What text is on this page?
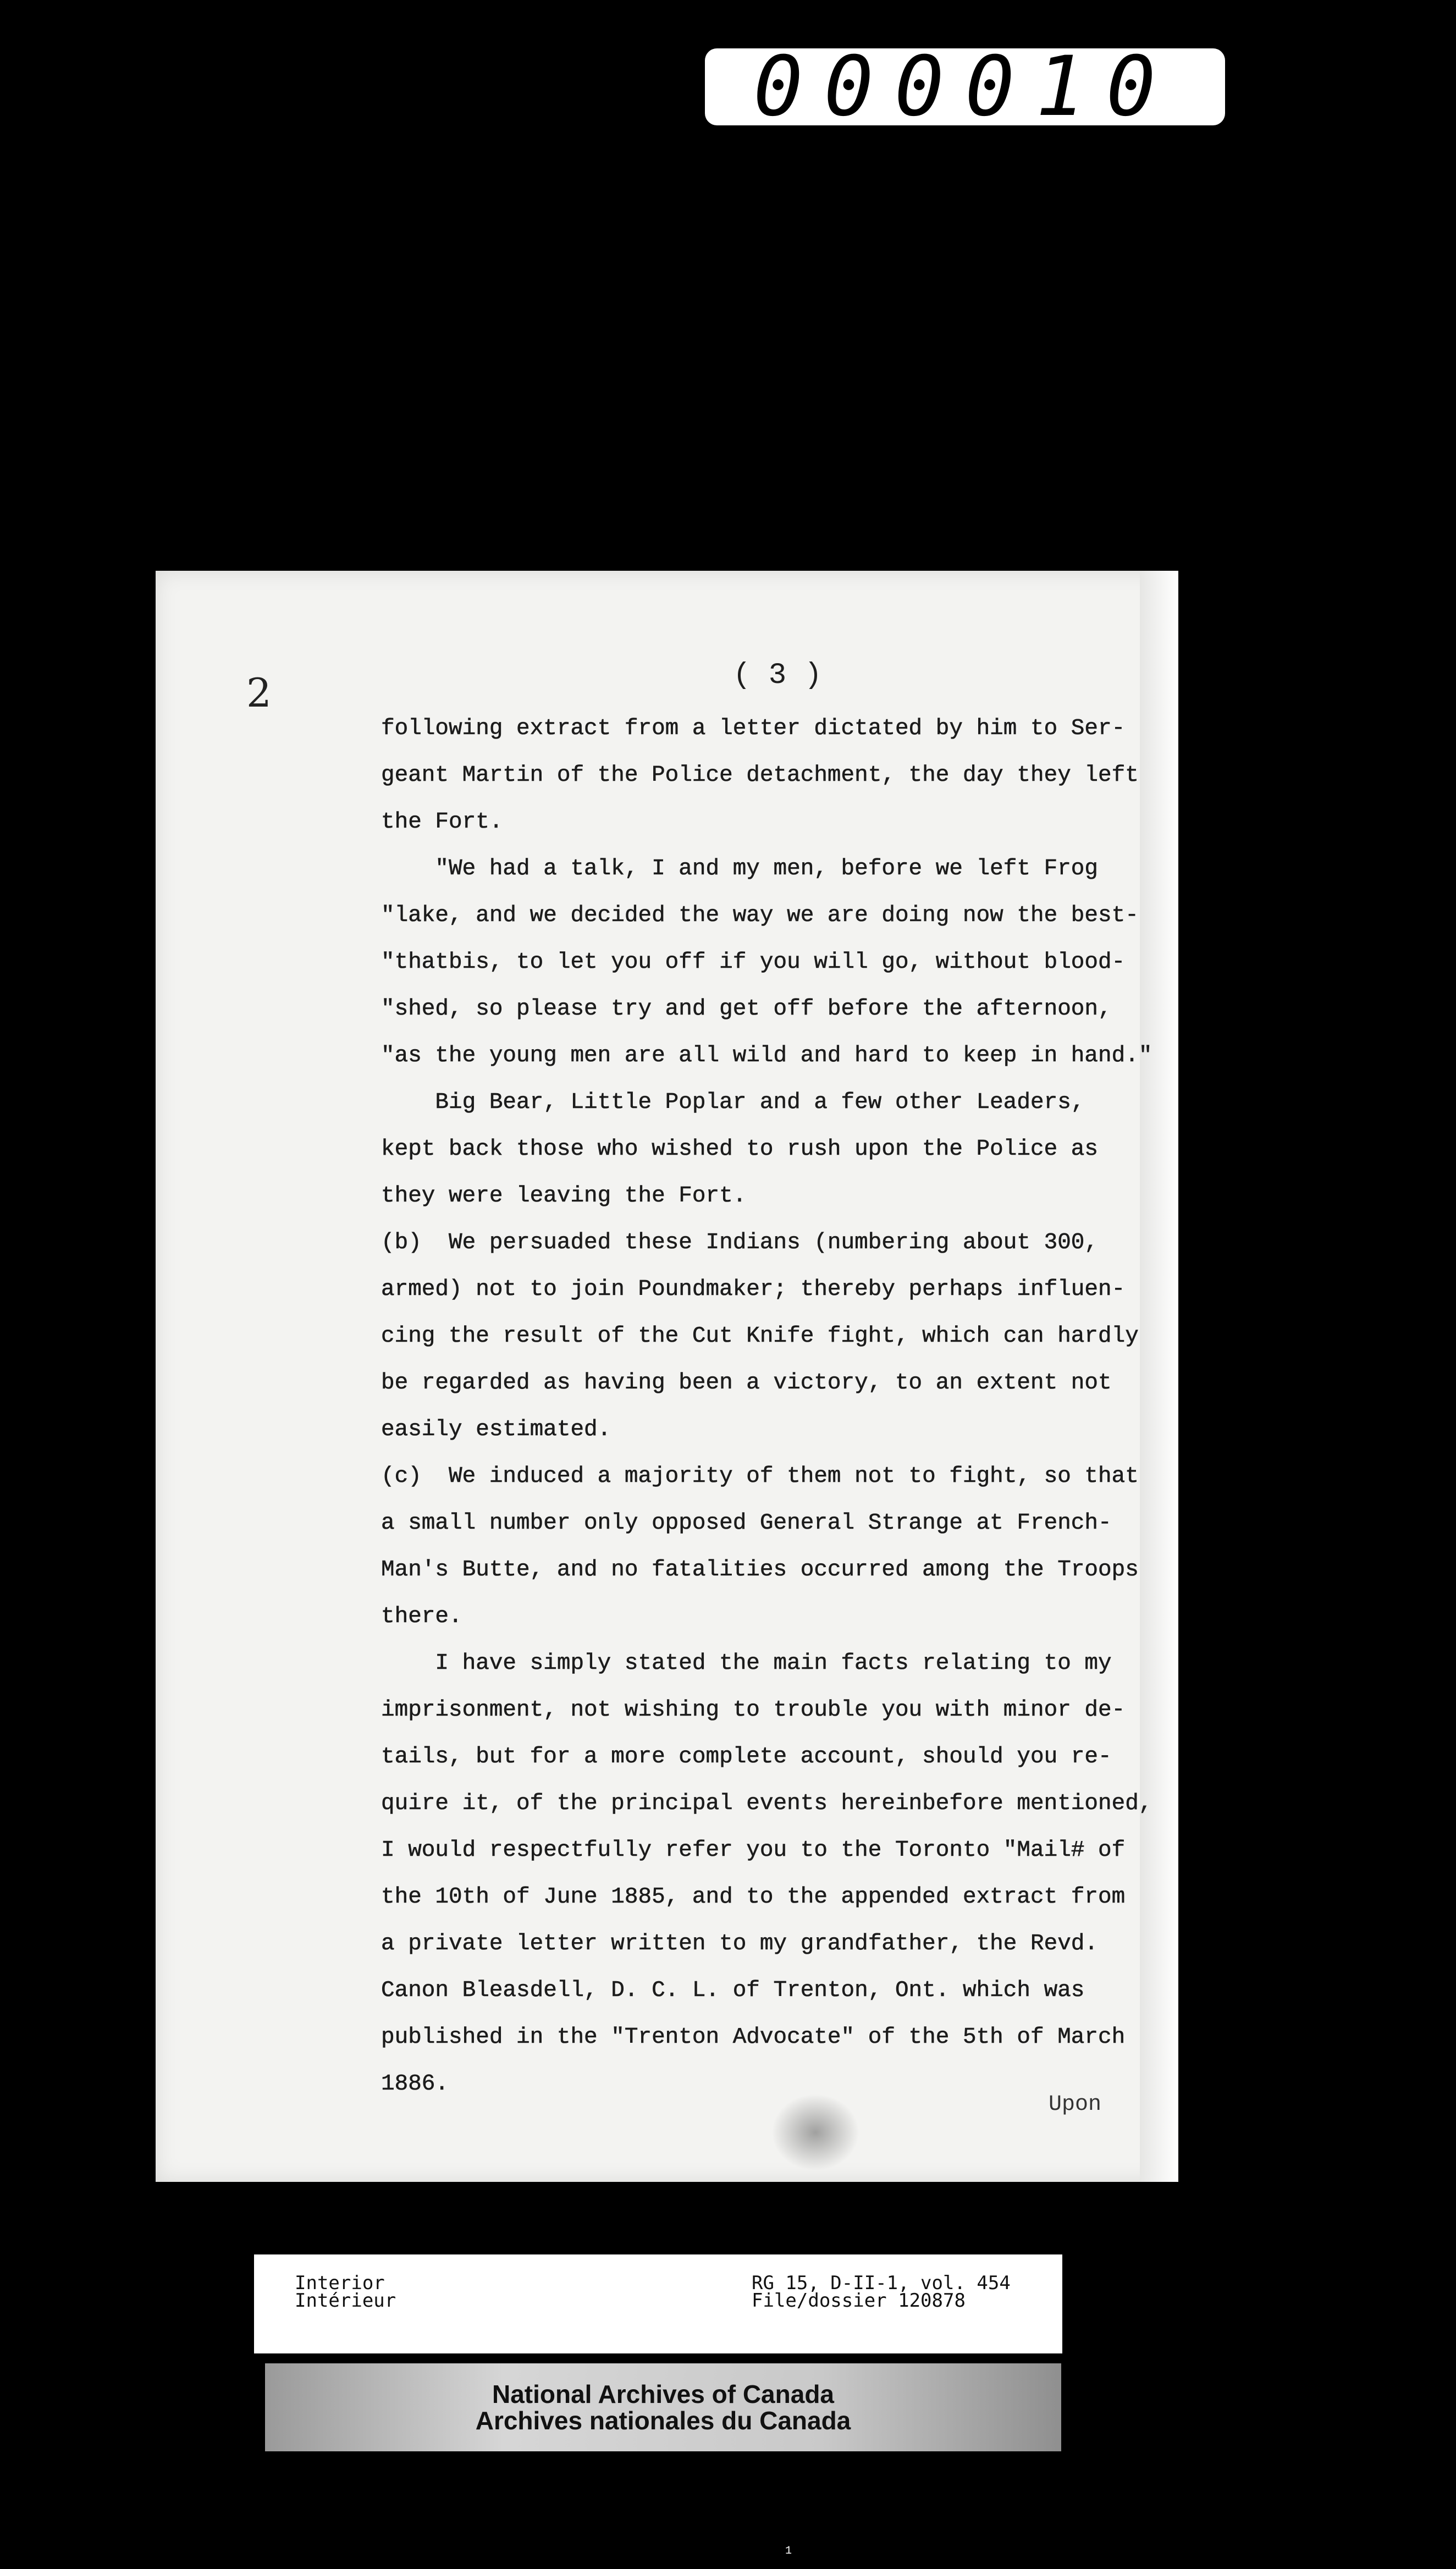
000010
2	( 3 )
following extract from a letter dictated by him to Ser-
geant Martin of the Police detachment, the day they left
the Fort.
"We had a talk, I and my men, before we left Frog
"lake, and we decided the way we are doing now the best-
"thatbis, to let you off if you will go, without blood-
"shed, so please try and get off before the afternoon,
"as the young men are all wild and hard to keep in hand."
Big Bear, Little Poplar and a few other Leaders,
kept back those who wished to rush upon the Police as
they were leaving the Fort.
(b)  We persuaded these Indians (numbering about 300,
armed) not to join Poundmaker; thereby perhaps influen-
cing the result of the Cut Knife fight, which can hardly
be regarded as having been a victory, to an extent not
easily estimated.
(c)  We induced a majority of them not to fight, so that
a small number only opposed General Strange at French-
Man's Butte, and no fatalities occurred among the Troops
there.
I have simply stated the main facts relating to my
imprisonment, not wishing to trouble you with minor de-
tails, but for a more complete account, should you re-
quire it, of the principal events hereinbefore mentioned,
I would respectfully refer you to the Toronto "Mail# of
the 10th of June 1885, and to the appended extract from
a private letter written to my grandfather, the Revd.
Canon Bleasdell, D. C. L. of Trenton, Ont. which was
published in the "Trenton Advocate" of the 5th of March
1886.
Upon
Interior
Intérieur
RG 15, D-II-1, vol. 454
File/dossier 120878
National Archives of Canada
Archives nationales du Canada
1
